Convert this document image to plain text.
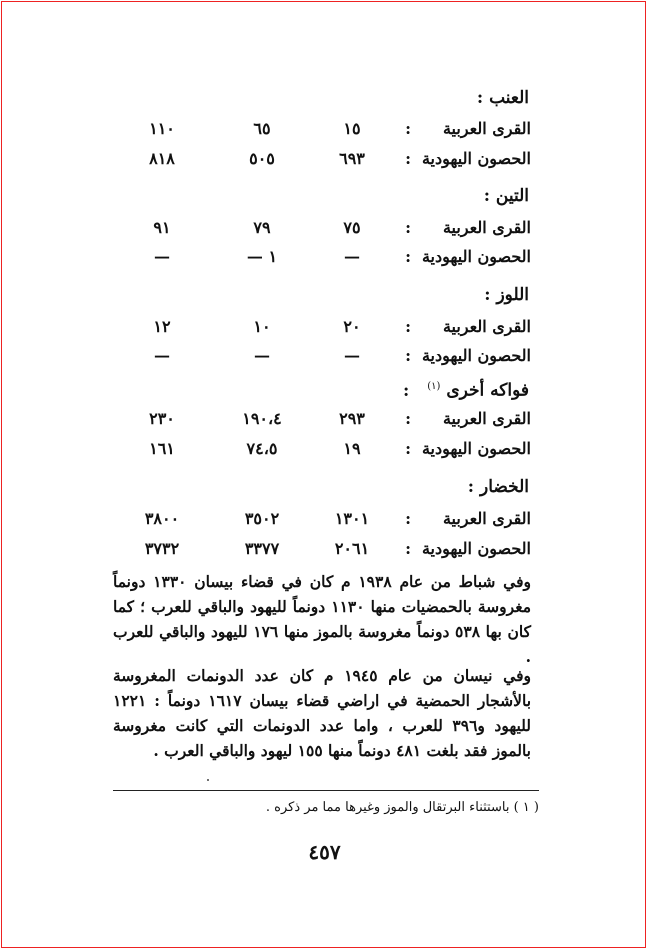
العنب :
القرى العربية
:
١٥
٦٥
١١٠
الحصون اليهودية
:
٦٩٣
٥٠٥
٨١٨
التين :
القرى العربية
:
٧٥
٧٩
٩١
الحصون اليهودية
:
—
١ —
—
اللوز :
القرى العربية
:
٢٠
١٠
١٢
الحصون اليهودية
:
—
—
—
فواكه أخرى $^{(١)}$ :
القرى العربية
:
٢٩٣
١٩٠،٤
٢٣٠
الحصون اليهودية
:
١٩
٧٤،٥
١٦١
الخضار :
القرى العربية
:
١٣٠١
٣٥٠٢
٣٨٠٠
الحصون اليهودية
:
٢٠٦١
٣٣٧٧
٣٧٣٢

وفي شباط من عام ١٩٣٨ م كان في قضاء بيسان ١٣٣٠ دونماً مغروسة بالحمضيات منها ١١٣٠ دونماً لليهود والباقي للعرب ؛ كما كان بها ٥٣٨ دونماً مغروسة بالموز منها ١٧٦ لليهود والباقي للعرب .

وفي نيسان من عام ١٩٤٥ م كان عدد الدونمات المغروسة بالأشجار الحمضية في اراضي قضاء بيسان ١٦١٧ دونماً : ١٢٢١ لليهود و٣٩٦ للعرب ، واما عدد الدونمات التي كانت مغروسة بالموز فقد بلغت ٤٨١ دونماً منها ١٥٥ ليهود والباقي العرب .

( ١ ) باستثناء البرتقال والموز وغيرها مما مر ذكره .
٤٥٧
